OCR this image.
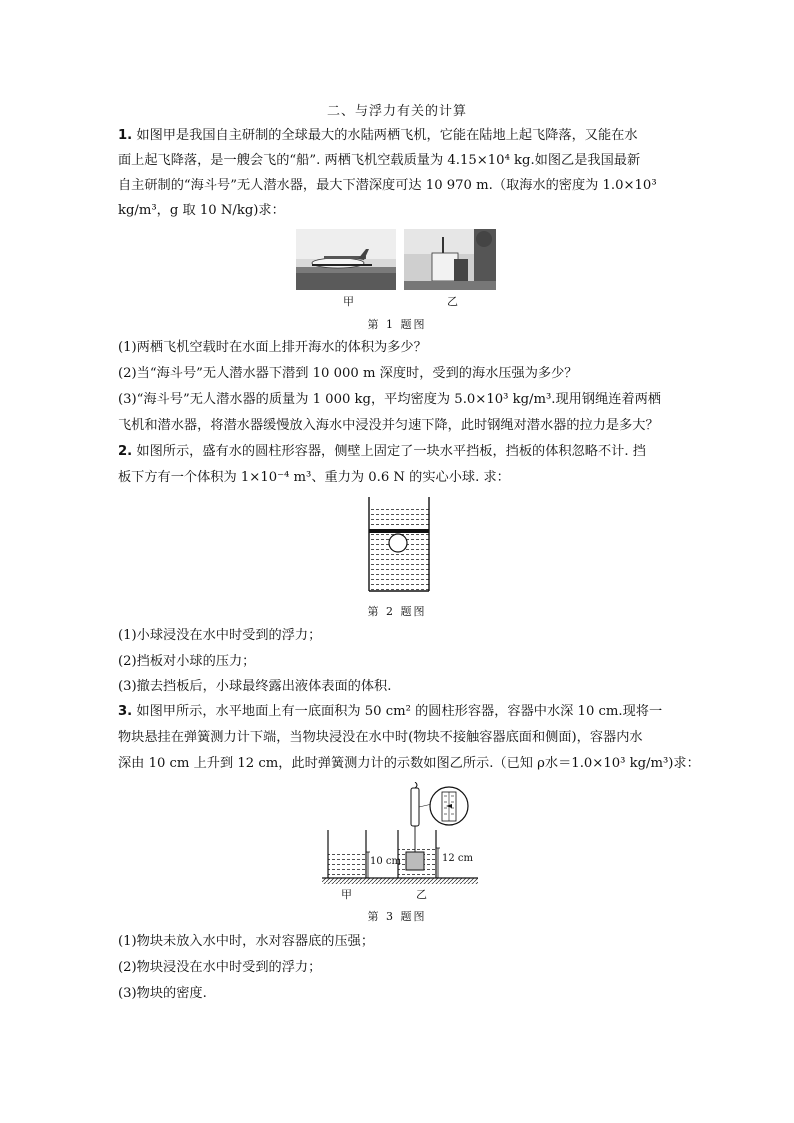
二、与浮力有关的计算
1. 如图甲是我国自主研制的全球最大的水陆两栖飞机，它能在陆地上起飞降落，又能在水
面上起飞降落，是一艘会飞的“船”. 两栖飞机空载质量为 4.15×10⁴ kg.如图乙是我国最新
自主研制的“海斗号”无人潜水器，最大下潜深度可达 10 970 m.（取海水的密度为 1.0×10³
kg/m³，g 取 10 N/kg)求：
甲	乙
第 1 题图
(1)两栖飞机空载时在水面上排开海水的体积为多少？
(2)当“海斗号”无人潜水器下潜到 10 000 m 深度时，受到的海水压强为多少？
(3)“海斗号”无人潜水器的质量为 1 000 kg，平均密度为 5.0×10³ kg/m³.现用钢绳连着两栖
飞机和潜水器，将潜水器缓慢放入海水中浸没并匀速下降，此时钢绳对潜水器的拉力是多大？
2. 如图所示，盛有水的圆柱形容器，侧壁上固定了一块水平挡板，挡板的体积忽略不计. 挡
板下方有一个体积为 1×10⁻⁴ m³、重力为 0.6 N 的实心小球. 求：
第 2 题图
(1)小球浸没在水中时受到的浮力；
(2)挡板对小球的压力；
(3)撤去挡板后，小球最终露出液体表面的体积.
3. 如图甲所示，水平地面上有一底面积为 50 cm² 的圆柱形容器，容器中水深 10 cm.现将一
物块悬挂在弹簧测力计下端，当物块浸没在水中时(物块不接触容器底面和侧面)，容器内水
深由 10 cm 上升到 12 cm，此时弹簧测力计的示数如图乙所示.（已知 ρ水＝1.0×10³ kg/m³)求：
10 cm	12 cm
甲	乙
第 3 题图
(1)物块未放入水中时，水对容器底的压强；
(2)物块浸没在水中时受到的浮力；
(3)物块的密度.
